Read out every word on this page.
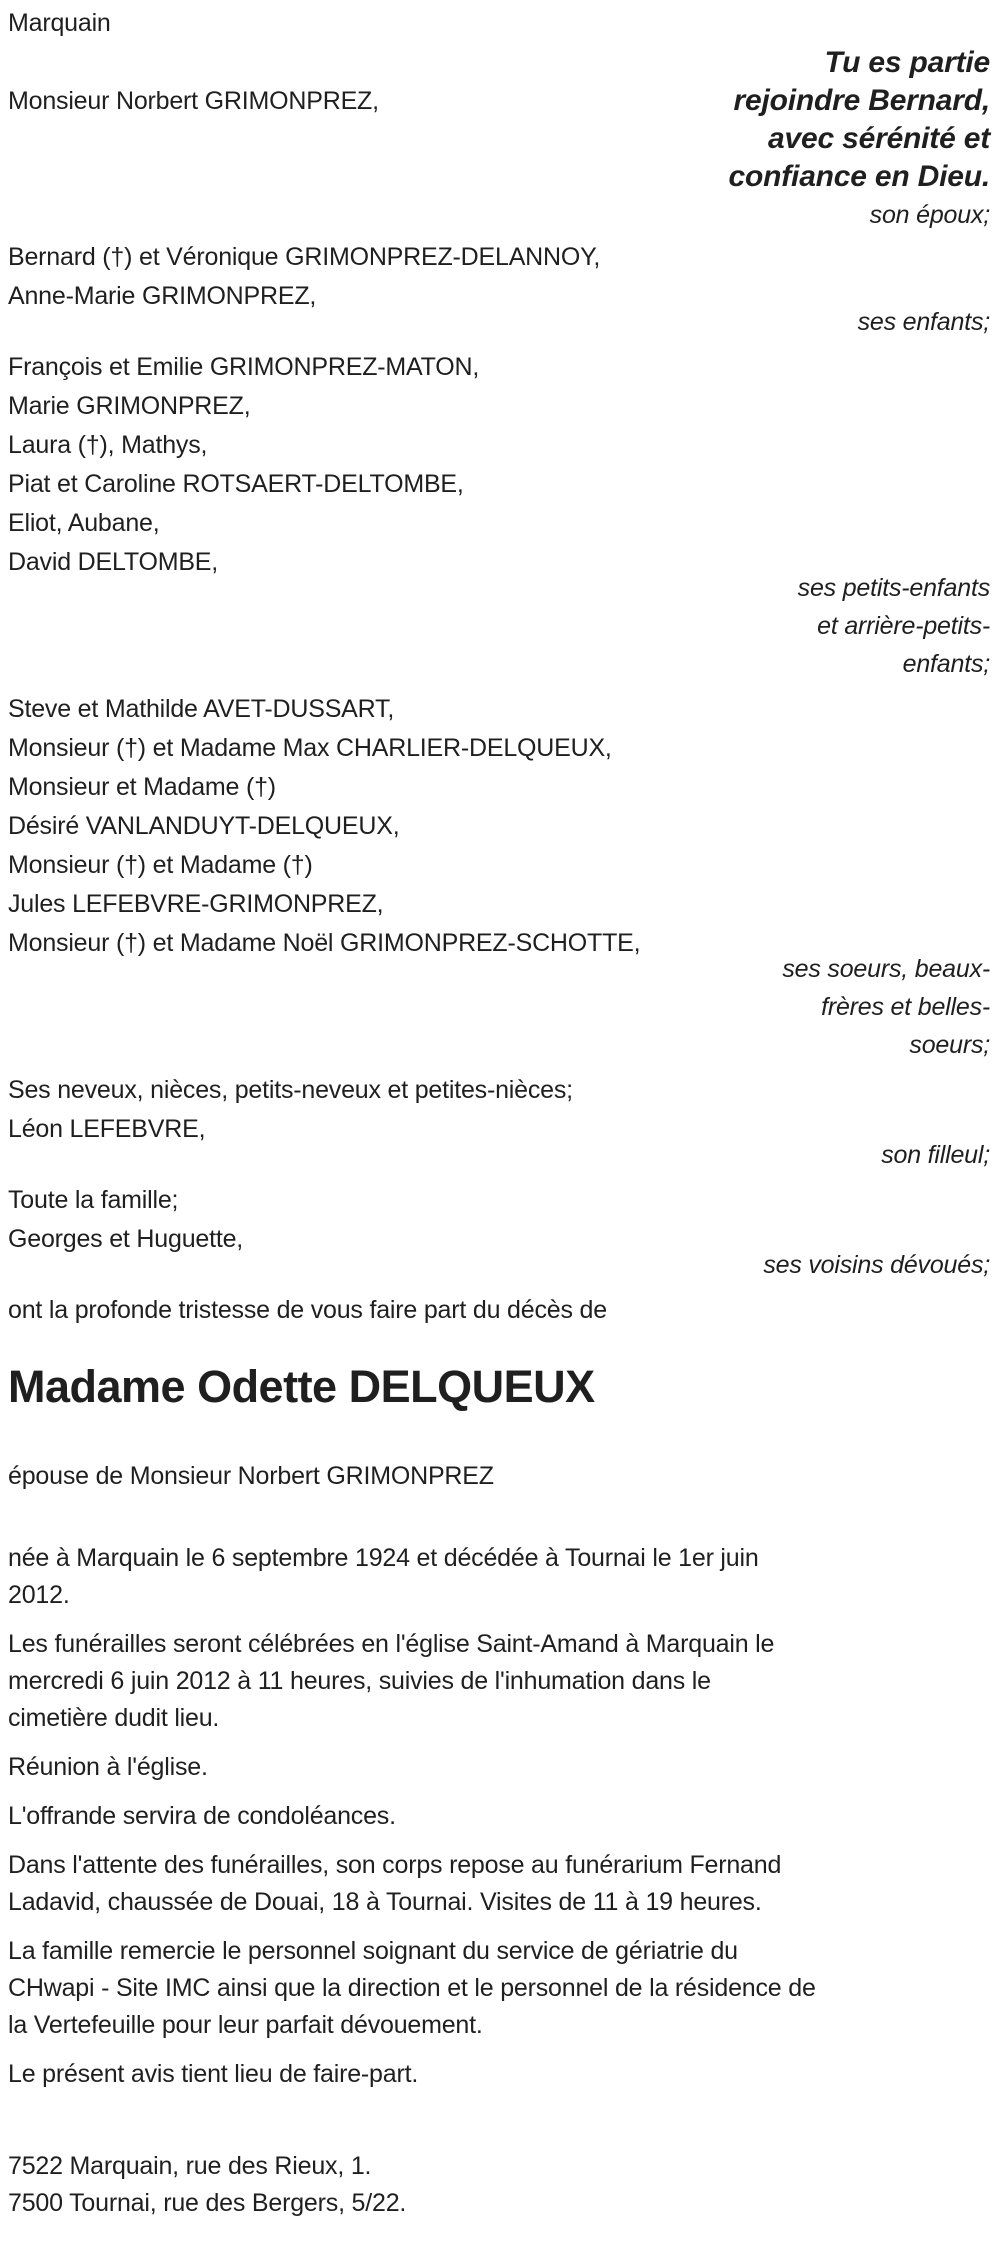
Tu es partie
rejoindre Bernard,
avec sérénité et
confiance en Dieu.
son époux;
Marquain

Monsieur Norbert GRIMONPREZ,

Bernard (†) et Véronique GRIMONPREZ-DELANNOY,
Anne-Marie GRIMONPREZ,
ses enfants;
François et Emilie GRIMONPREZ-MATON,
Marie GRIMONPREZ,
Laura (†), Mathys,
Piat et Caroline ROTSAERT-DELTOMBE,
Eliot, Aubane,
David DELTOMBE,
ses petits-enfants
et arrière-petits-
enfants;
Steve et Mathilde AVET-DUSSART,
Monsieur (†) et Madame Max CHARLIER-DELQUEUX,
Monsieur et Madame (†)
Désiré VANLANDUYT-DELQUEUX,
Monsieur (†) et Madame (†)
Jules LEFEBVRE-GRIMONPREZ,
Monsieur (†) et Madame Noël GRIMONPREZ-SCHOTTE,
ses soeurs, beaux-
frères et belles-
soeurs;
Ses neveux, nièces, petits-neveux et petites-nièces;
Léon LEFEBVRE,
son filleul;
Toute la famille;
Georges et Huguette,
ses voisins dévoués;
ont la profonde tristesse de vous faire part du décès de
Madame Odette DELQUEUX
épouse de Monsieur Norbert GRIMONPREZ
née à Marquain le 6 septembre 1924 et décédée à Tournai le 1er juin
2012.
Les funérailles seront célébrées en l'église Saint-Amand à Marquain le
mercredi 6 juin 2012 à 11 heures, suivies de l'inhumation dans le
cimetière dudit lieu.
Réunion à l'église.
L'offrande servira de condoléances.
Dans l'attente des funérailles, son corps repose au funérarium Fernand
Ladavid, chaussée de Douai, 18 à Tournai. Visites de 11 à 19 heures.
La famille remercie le personnel soignant du service de gériatrie du
CHwapi - Site IMC ainsi que la direction et le personnel de la résidence de
la Vertefeuille pour leur parfait dévouement.
Le présent avis tient lieu de faire-part.
7522 Marquain, rue des Rieux, 1.
7500 Tournai, rue des Bergers, 5/22.
